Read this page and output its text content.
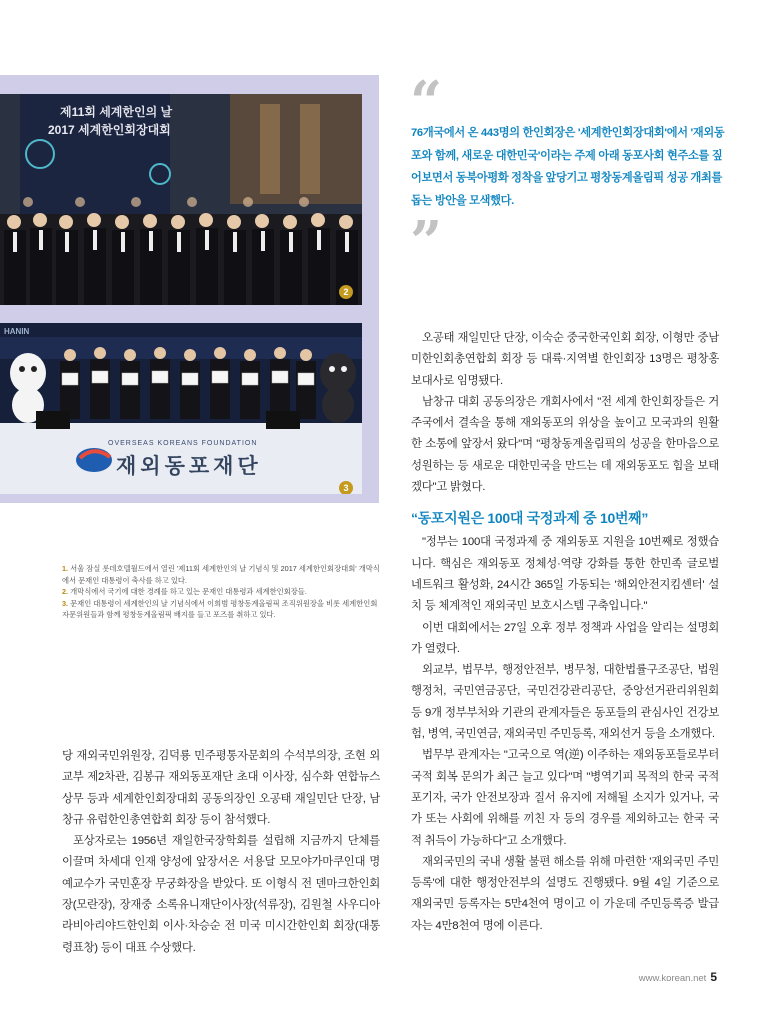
제11회 세계한인의 날
2017 세계한인회장대회
2
HANIN
OVERSEAS KOREANS FOUNDATION
재외동포재단
3
1. 서울 잠실 롯데호텔월드에서 열린 '제11회 세계한인의 날 기념식 및 2017 세계한인회장대회' 개막식에서 문재인 대통령이 축사를 하고 있다.
2. 개막식에서 국기에 대한 경례를 하고 있는 문재인 대통령과 세계한인회장들.
3. 문재인 대통령이 세계한인의 날 기념식에서 이희범 평창동계올림픽 조직위원장을 비롯 세계한인회 자문위원들과 함께 평창동계올림픽 배지를 들고 포즈를 취하고 있다.
“
76개국에서 온 443명의 한인회장은 '세계한인회장대회'에서 '재외동포와 함께, 새로운 대한민국'이라는 주제 아래 동포사회 현주소를 짚어보면서 동북아평화 정착을 앞당기고 평창동계올림픽 성공 개최를 돕는 방안을 모색했다.
”

오공태 재일민단 단장, 이숙순 중국한국인회 회장, 이형만 중남미한인회총연합회 회장 등 대륙·지역별 한인회장 13명은 평창홍보대사로 임명됐다.

남창규 대회 공동의장은 개회사에서 "전 세계 한인회장들은 거주국에서 결속을 통해 재외동포의 위상을 높이고 모국과의 원활한 소통에 앞장서 왔다"며 "평창동계올림픽의 성공을 한마음으로 성원하는 등 새로운 대한민국을 만드는 데 재외동포도 힘을 보태겠다"고 밝혔다.

“동포지원은 100대 국정과제 중 10번째”

"정부는 100대 국정과제 중 재외동포 지원을 10번째로 정했습니다. 핵심은 재외동포 정체성·역량 강화를 통한 한민족 글로벌 네트워크 활성화, 24시간 365일 가동되는 '해외안전지킴센터' 설치 등 체계적인 재외국민 보호시스템 구축입니다."

이번 대회에서는 27일 오후 정부 정책과 사업을 알리는 설명회가 열렸다.

외교부, 법무부, 행정안전부, 병무청, 대한법률구조공단, 법원행정처, 국민연금공단, 국민건강관리공단, 중앙선거관리위원회 등 9개 정부부처와 기관의 관계자들은 동포들의 관심사인 건강보험, 병역, 국민연금, 재외국민 주민등록, 재외선거 등을 소개했다.

법무부 관계자는 "고국으로 역(逆) 이주하는 재외동포들로부터 국적 회복 문의가 최근 늘고 있다"며 "병역기피 목적의 한국 국적 포기자, 국가 안전보장과 질서 유지에 저해될 소지가 있거나, 국가 또는 사회에 위해를 끼친 자 등의 경우를 제외하고는 한국 국적 취득이 가능하다"고 소개했다.

재외국민의 국내 생활 불편 해소를 위해 마련한 '재외국민 주민등록'에 대한 행정안전부의 설명도 진행됐다. 9월 4일 기준으로 재외국민 등록자는 5만4천여 명이고 이 가운데 주민등록증 발급자는 4만8천여 명에 이른다.

당 재외국민위원장, 김덕룡 민주평통자문회의 수석부의장, 조현 외교부 제2차관, 김봉규 재외동포재단 초대 이사장, 심수화 연합뉴스 상무 등과 세계한인회장대회 공동의장인 오공태 재일민단 단장, 남창규 유럽한인총연합회 회장 등이 참석했다.

포상자로는 1956년 재일한국장학회를 설립해 지금까지 단체를 이끌며 차세대 인재 양성에 앞장서온 서용달 모모야가마쿠인대 명예교수가 국민훈장 무궁화장을 받았다. 또 이형식 전 덴마크한인회장(모란장), 장재중 소록유니재단이사장(석류장), 김원철 사우디아라비아리야드한인회 이사·차승순 전 미국 미시간한인회 회장(대통령표창) 등이 대표 수상했다.

www.korean.net 5
